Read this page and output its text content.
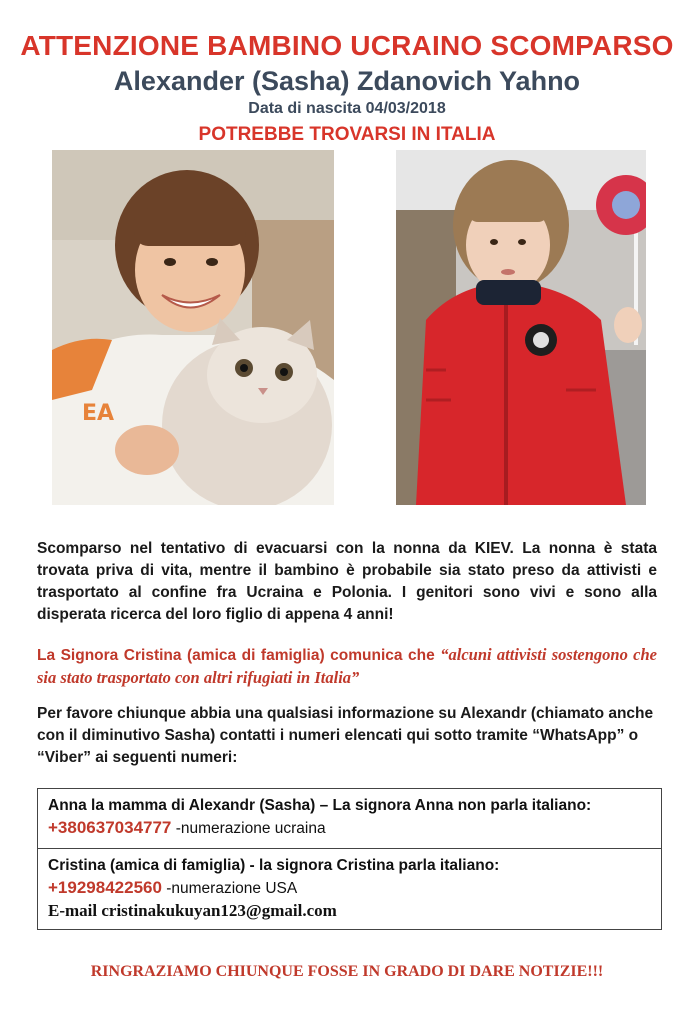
ATTENZIONE BAMBINO UCRAINO SCOMPARSO
Alexander (Sasha) Zdanovich Yahno
Data di nascita 04/03/2018
POTREBBE TROVARSI IN ITALIA
EA
Scomparso nel tentativo di evacuarsi con la nonna da KIEV. La nonna è stata trovata priva di vita, mentre il bambino è probabile sia stato preso da attivisti e trasportato al confine fra Ucraina e Polonia. I genitori sono vivi e sono alla disperata ricerca del loro figlio di appena 4 anni!
La Signora Cristina (amica di famiglia) comunica che “alcuni attivisti sostengono che sia stato trasportato con altri rifugiati in Italia”
Per favore chiunque abbia una qualsiasi informazione su Alexandr (chiamato anche con il diminutivo Sasha) contatti i numeri elencati qui sotto tramite “WhatsApp” o “Viber” ai seguenti numeri:
Anna la mamma di Alexandr (Sasha) – La signora Anna non parla italiano: +380637034777 -numerazione ucraina
Cristina (amica di famiglia) - la signora Cristina parla italiano:
+19298422560 -numerazione USA
E-mail cristinakukuyan123@gmail.com
RINGRAZIAMO CHIUNQUE FOSSE IN GRADO DI DARE NOTIZIE!!!
